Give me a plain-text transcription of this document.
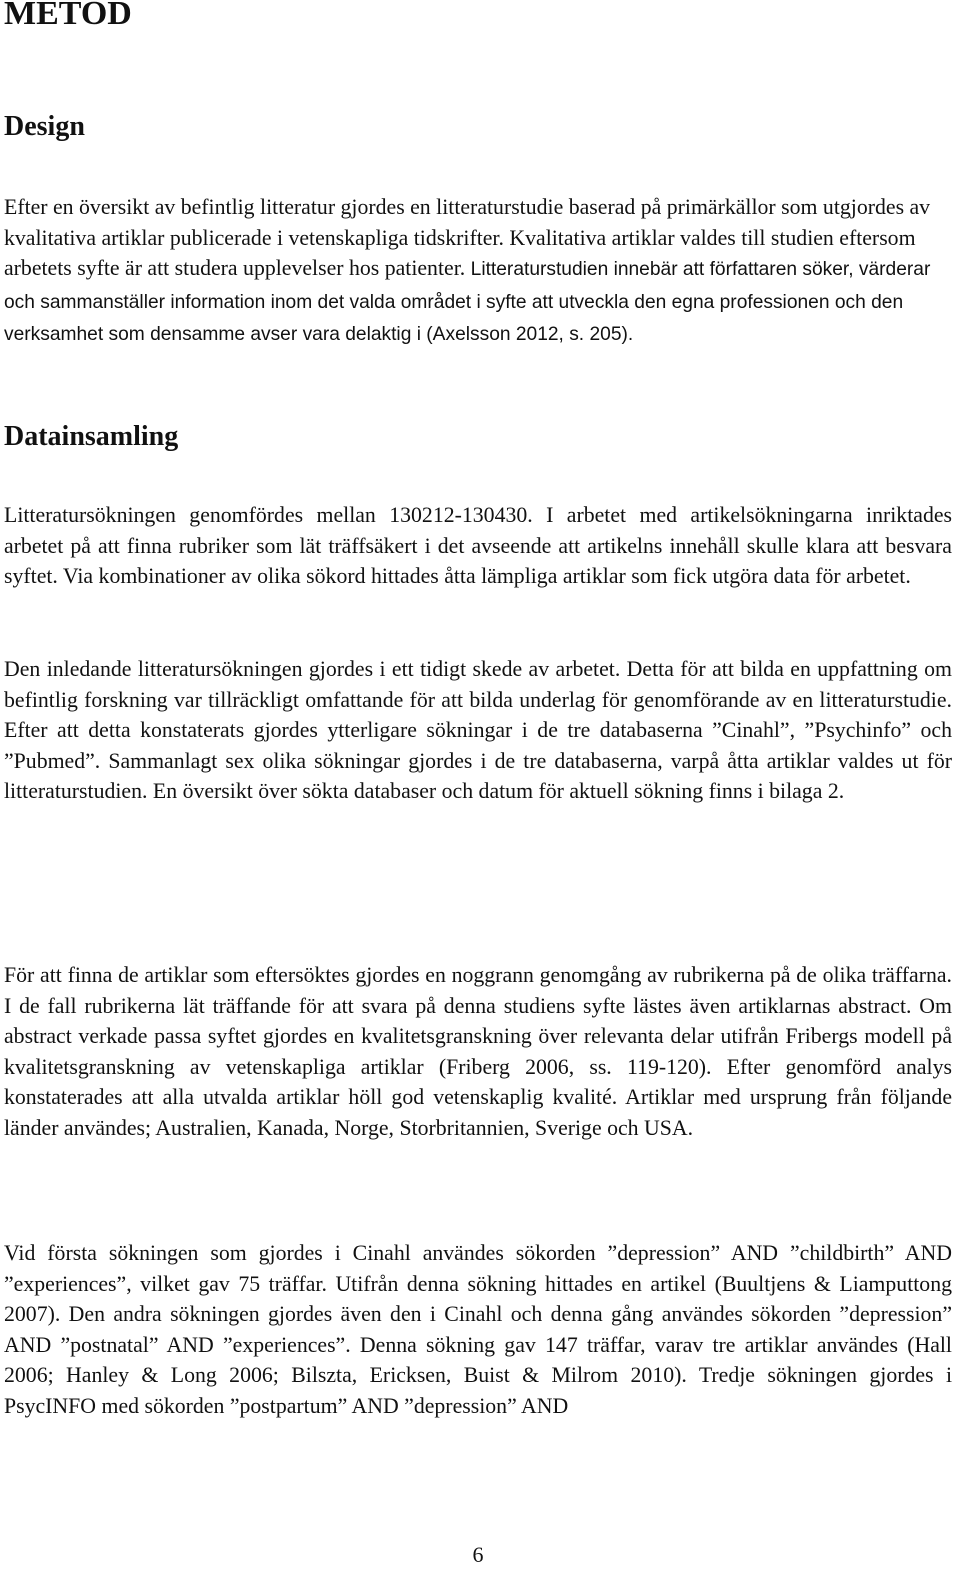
METOD
Design

Efter en översikt av befintlig litteratur gjordes en litteraturstudie baserad på primärkällor som utgjordes av kvalitativa artiklar publicerade i vetenskapliga tidskrifter. Kvalitativa artiklar valdes till studien eftersom arbetets syfte är att studera upplevelser hos patienter. Litteraturstudien innebär att författaren söker, värderar och sammanställer information inom det valda området i syfte att utveckla den egna professionen och den verksamhet som densamme avser vara delaktig i (Axelsson 2012, s. 205).

Datainsamling

Litteratursökningen genomfördes mellan 130212-130430. I arbetet med artikelsökningarna inriktades arbetet på att finna rubriker som lät träffsäkert i det avseende att artikelns innehåll skulle klara att besvara syftet. Via kombinationer av olika sökord hittades åtta lämpliga artiklar som fick utgöra data för arbetet.

Den inledande litteratursökningen gjordes i ett tidigt skede av arbetet. Detta för att bilda en uppfattning om befintlig forskning var tillräckligt omfattande för att bilda underlag för genomförande av en litteraturstudie. Efter att detta konstaterats gjordes ytterligare sökningar i de tre databaserna ”Cinahl”, ”Psychinfo” och ”Pubmed”. Sammanlagt sex olika sökningar gjordes i de tre databaserna, varpå åtta artiklar valdes ut för litteraturstudien. En översikt över sökta databaser och datum för aktuell sökning finns i bilaga 2.

För att finna de artiklar som eftersöktes gjordes en noggrann genomgång av rubrikerna på de olika träffarna. I de fall rubrikerna lät träffande för att svara på denna studiens syfte lästes även artiklarnas abstract. Om abstract verkade passa syftet gjordes en kvalitetsgranskning över relevanta delar utifrån Fribergs modell på kvalitetsgranskning av vetenskapliga artiklar (Friberg 2006, ss. 119-120). Efter genomförd analys konstaterades att alla utvalda artiklar höll god vetenskaplig kvalité. Artiklar med ursprung från följande länder användes; Australien, Kanada, Norge, Storbritannien, Sverige och USA.

Vid första sökningen som gjordes i Cinahl användes sökorden ”depression” AND ”childbirth” AND ”experiences”, vilket gav 75 träffar. Utifrån denna sökning hittades en artikel (Buultjens & Liamputtong 2007). Den andra sökningen gjordes även den i Cinahl och denna gång användes sökorden ”depression” AND ”postnatal” AND ”experiences”. Denna sökning gav 147 träffar, varav tre artiklar användes (Hall 2006; Hanley & Long 2006; Bilszta, Ericksen, Buist & Milrom 2010). Tredje sökningen gjordes i PsycINFO med sökorden ”postpartum” AND ”depression” AND

6
